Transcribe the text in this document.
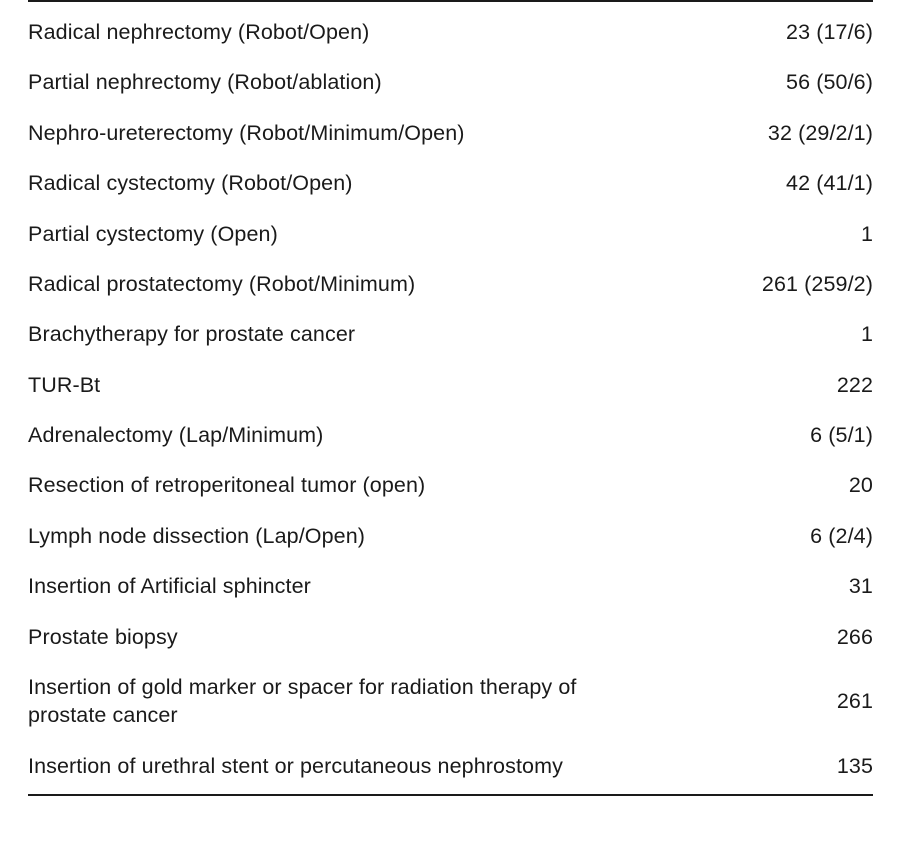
Radical nephrectomy (Robot/Open)	23 (17/6)
Partial nephrectomy (Robot/ablation)	56 (50/6)
Nephro-ureterectomy (Robot/Minimum/Open)	32 (29/2/1)
Radical cystectomy (Robot/Open)	42 (41/1)
Partial cystectomy (Open)	1
Radical prostatectomy (Robot/Minimum)	261 (259/2)
Brachytherapy for prostate cancer	1
TUR-Bt	222
Adrenalectomy (Lap/Minimum)	6 (5/1)
Resection of retroperitoneal tumor (open)	20
Lymph node dissection (Lap/Open)	6 (2/4)
Insertion of Artificial sphincter	31
Prostate biopsy	266
Insertion of gold marker or spacer for radiation therapy of prostate cancer	261
Insertion of urethral stent or percutaneous nephrostomy	135
